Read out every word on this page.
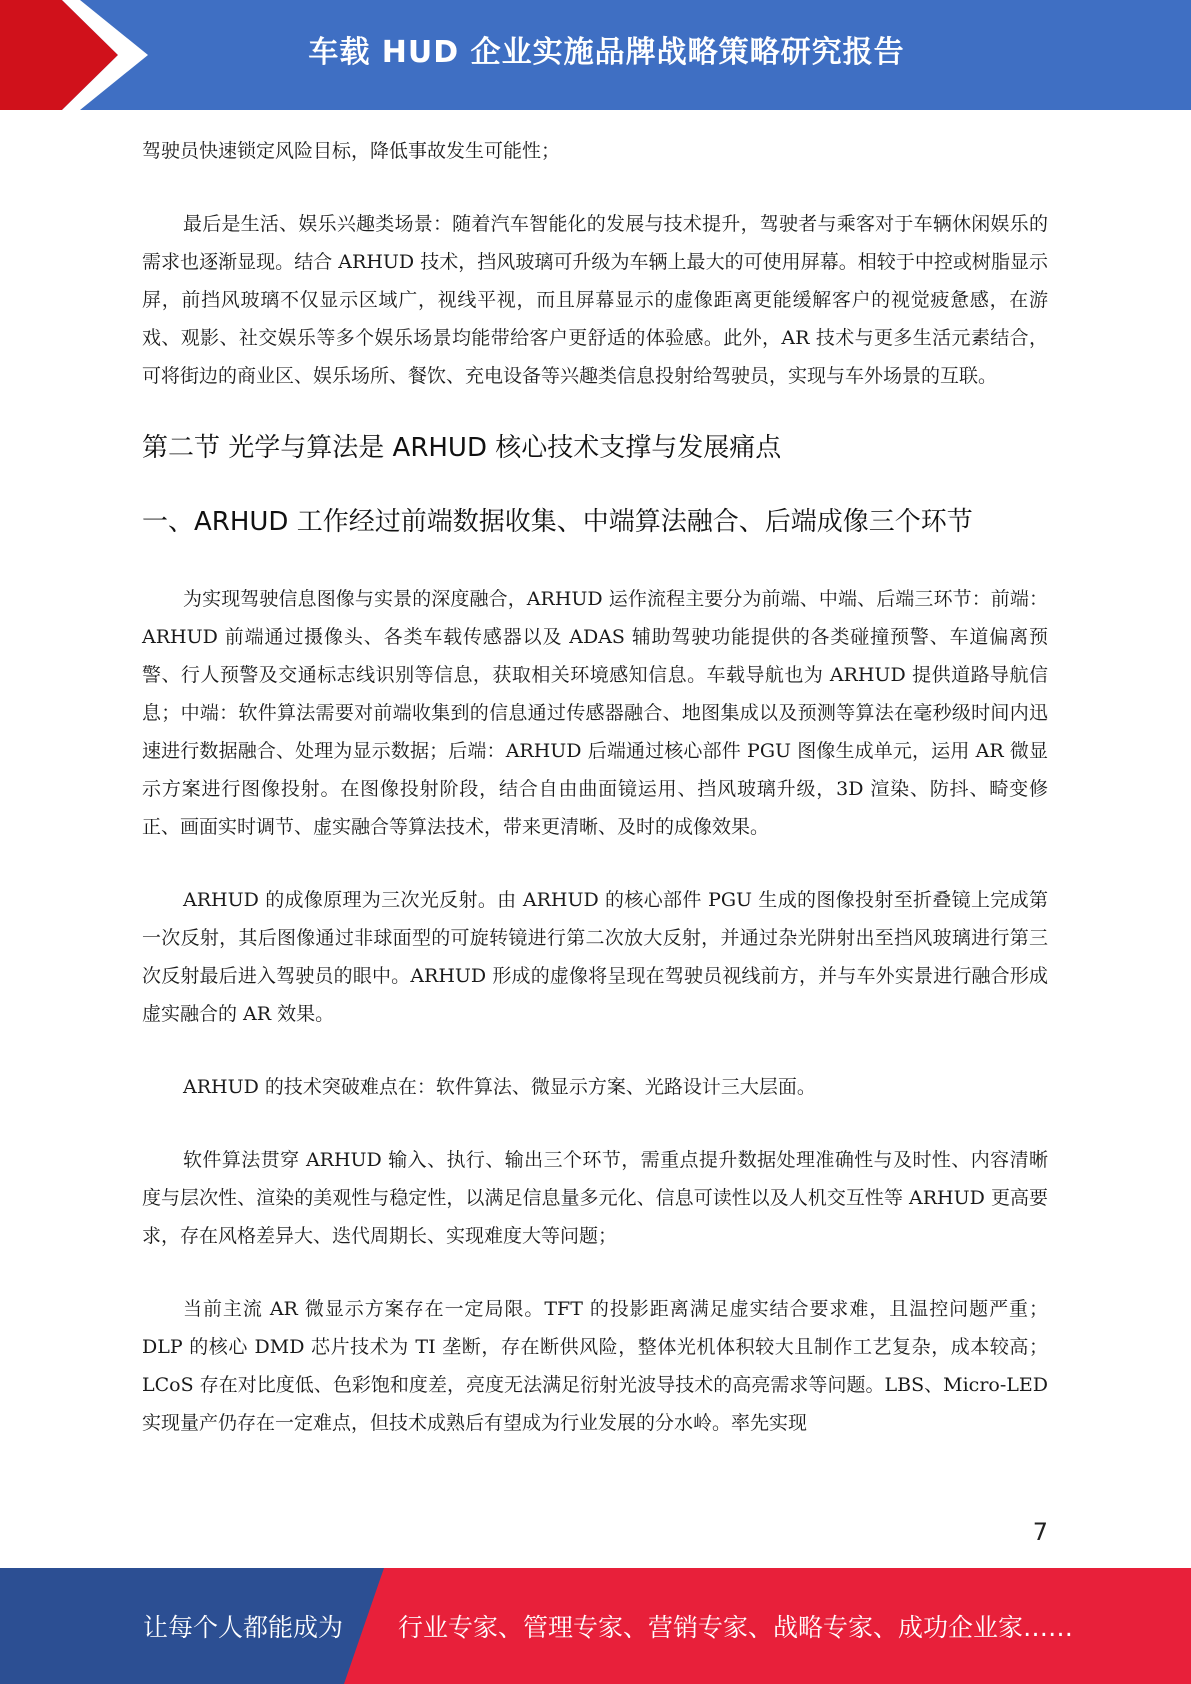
车载 HUD 企业实施品牌战略策略研究报告

驾驶员快速锁定风险目标，降低事故发生可能性；

最后是生活、娱乐兴趣类场景：随着汽车智能化的发展与技术提升，驾驶者与乘客对于车辆休闲娱乐的需求也逐渐显现。结合 ARHUD 技术，挡风玻璃可升级为车辆上最大的可使用屏幕。相较于中控或树脂显示屏，前挡风玻璃不仅显示区域广，视线平视，而且屏幕显示的虚像距离更能缓解客户的视觉疲惫感，在游戏、观影、社交娱乐等多个娱乐场景均能带给客户更舒适的体验感。此外，AR 技术与更多生活元素结合，可将街边的商业区、娱乐场所、餐饮、充电设备等兴趣类信息投射给驾驶员，实现与车外场景的互联。

第二节 光学与算法是 ARHUD 核心技术支撑与发展痛点
一、ARHUD 工作经过前端数据收集、中端算法融合、后端成像三个环节

为实现驾驶信息图像与实景的深度融合，ARHUD 运作流程主要分为前端、中端、后端三环节：前端：ARHUD 前端通过摄像头、各类车载传感器以及 ADAS 辅助驾驶功能提供的各类碰撞预警、车道偏离预警、行人预警及交通标志线识别等信息，获取相关环境感知信息。车载导航也为 ARHUD 提供道路导航信息；中端：软件算法需要对前端收集到的信息通过传感器融合、地图集成以及预测等算法在毫秒级时间内迅速进行数据融合、处理为显示数据；后端：ARHUD 后端通过核心部件 PGU 图像生成单元，运用 AR 微显示方案进行图像投射。在图像投射阶段，结合自由曲面镜运用、挡风玻璃升级，3D 渲染、防抖、畸变修正、画面实时调节、虚实融合等算法技术，带来更清晰、及时的成像效果。

ARHUD 的成像原理为三次光反射。由 ARHUD 的核心部件 PGU 生成的图像投射至折叠镜上完成第一次反射，其后图像通过非球面型的可旋转镜进行第二次放大反射，并通过杂光阱射出至挡风玻璃进行第三次反射最后进入驾驶员的眼中。ARHUD 形成的虚像将呈现在驾驶员视线前方，并与车外实景进行融合形成虚实融合的 AR 效果。

ARHUD 的技术突破难点在：软件算法、微显示方案、光路设计三大层面。

软件算法贯穿 ARHUD 输入、执行、输出三个环节，需重点提升数据处理准确性与及时性、内容清晰度与层次性、渲染的美观性与稳定性，以满足信息量多元化、信息可读性以及人机交互性等 ARHUD 更高要求，存在风格差异大、迭代周期长、实现难度大等问题；

当前主流 AR 微显示方案存在一定局限。TFT 的投影距离满足虚实结合要求难，且温控问题严重；DLP 的核心 DMD 芯片技术为 TI 垄断，存在断供风险，整体光机体积较大且制作工艺复杂，成本较高；LCoS 存在对比度低、色彩饱和度差，亮度无法满足衍射光波导技术的高亮需求等问题。LBS、Micro-LED 实现量产仍存在一定难点，但技术成熟后有望成为行业发展的分水岭。率先实现

7
让每个人都能成为 行业专家、管理专家、营销专家、战略专家、成功企业家……
